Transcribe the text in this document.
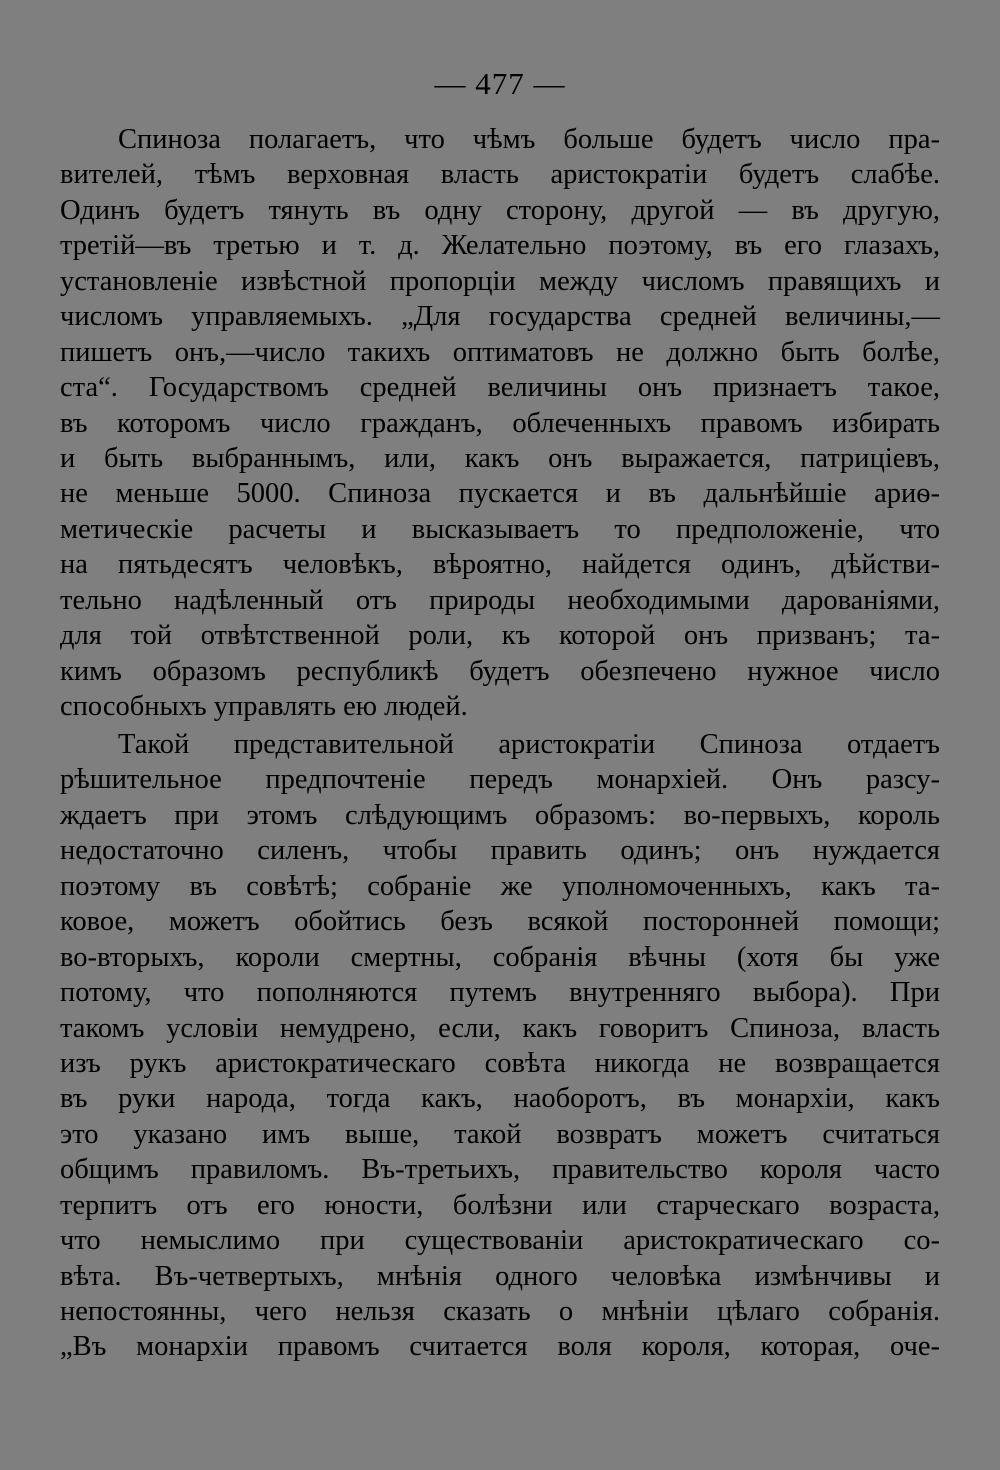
— 477 —
Спиноза полагаетъ, что чѣмъ больше будетъ число пра-
вителей, тѣмъ верховная власть аристократіи будетъ слабѣе.
Одинъ будетъ тянуть въ одну сторону, другой — въ другую,
третій—въ третью и т. д. Желательно поэтому, въ его глазахъ,
установленіе извѣстной пропорціи между числомъ правящихъ и
числомъ управляемыхъ. „Для государства средней величины,—
пишетъ онъ,—число такихъ оптиматовъ не должно быть болѣе,
ста“. Государствомъ средней величины онъ признаетъ такое,
въ которомъ число гражданъ, облеченныхъ правомъ избирать
и быть выбраннымъ, или, какъ онъ выражается, патриціевъ,
не меньше 5000. Спиноза пускается и въ дальнѣйшіе ариѳ-
метическіе расчеты и высказываетъ то предположеніе, что
на пятьдесятъ человѣкъ, вѣроятно, найдется одинъ, дѣйстви-
тельно надѣленный отъ природы необходимыми дарованіями,
для той отвѣтственной роли, къ которой онъ призванъ; та-
кимъ образомъ республикѣ будетъ обезпечено нужное число
способныхъ управлять ею людей.
Такой представительной аристократіи Спиноза отдаетъ
рѣшительное предпочтеніе передъ монархіей. Онъ разсу-
ждаетъ при этомъ слѣдующимъ образомъ: во-первыхъ, король
недостаточно силенъ, чтобы править одинъ; онъ нуждается
поэтому въ совѣтѣ; собраніе же уполномоченныхъ, какъ та-
ковое, можетъ обойтись безъ всякой посторонней помощи;
во-вторыхъ, короли смертны, собранія вѣчны (хотя бы уже
потому, что пополняются путемъ внутренняго выбора). При
такомъ условіи немудрено, если, какъ говоритъ Спиноза, власть
изъ рукъ аристократическаго совѣта никогда не возвращается
въ руки народа, тогда какъ, наоборотъ, въ монархіи, какъ
это указано имъ выше, такой возвратъ можетъ считаться
общимъ правиломъ. Въ-третьихъ, правительство короля часто
терпитъ отъ его юности, болѣзни или старческаго возраста,
что немыслимо при существованіи аристократическаго со-
вѣта. Въ-четвертыхъ, мнѣнія одного человѣка измѣнчивы и
непостоянны, чего нельзя сказать о мнѣніи цѣлаго собранія.
„Въ монархіи правомъ считается воля короля, которая, оче-
